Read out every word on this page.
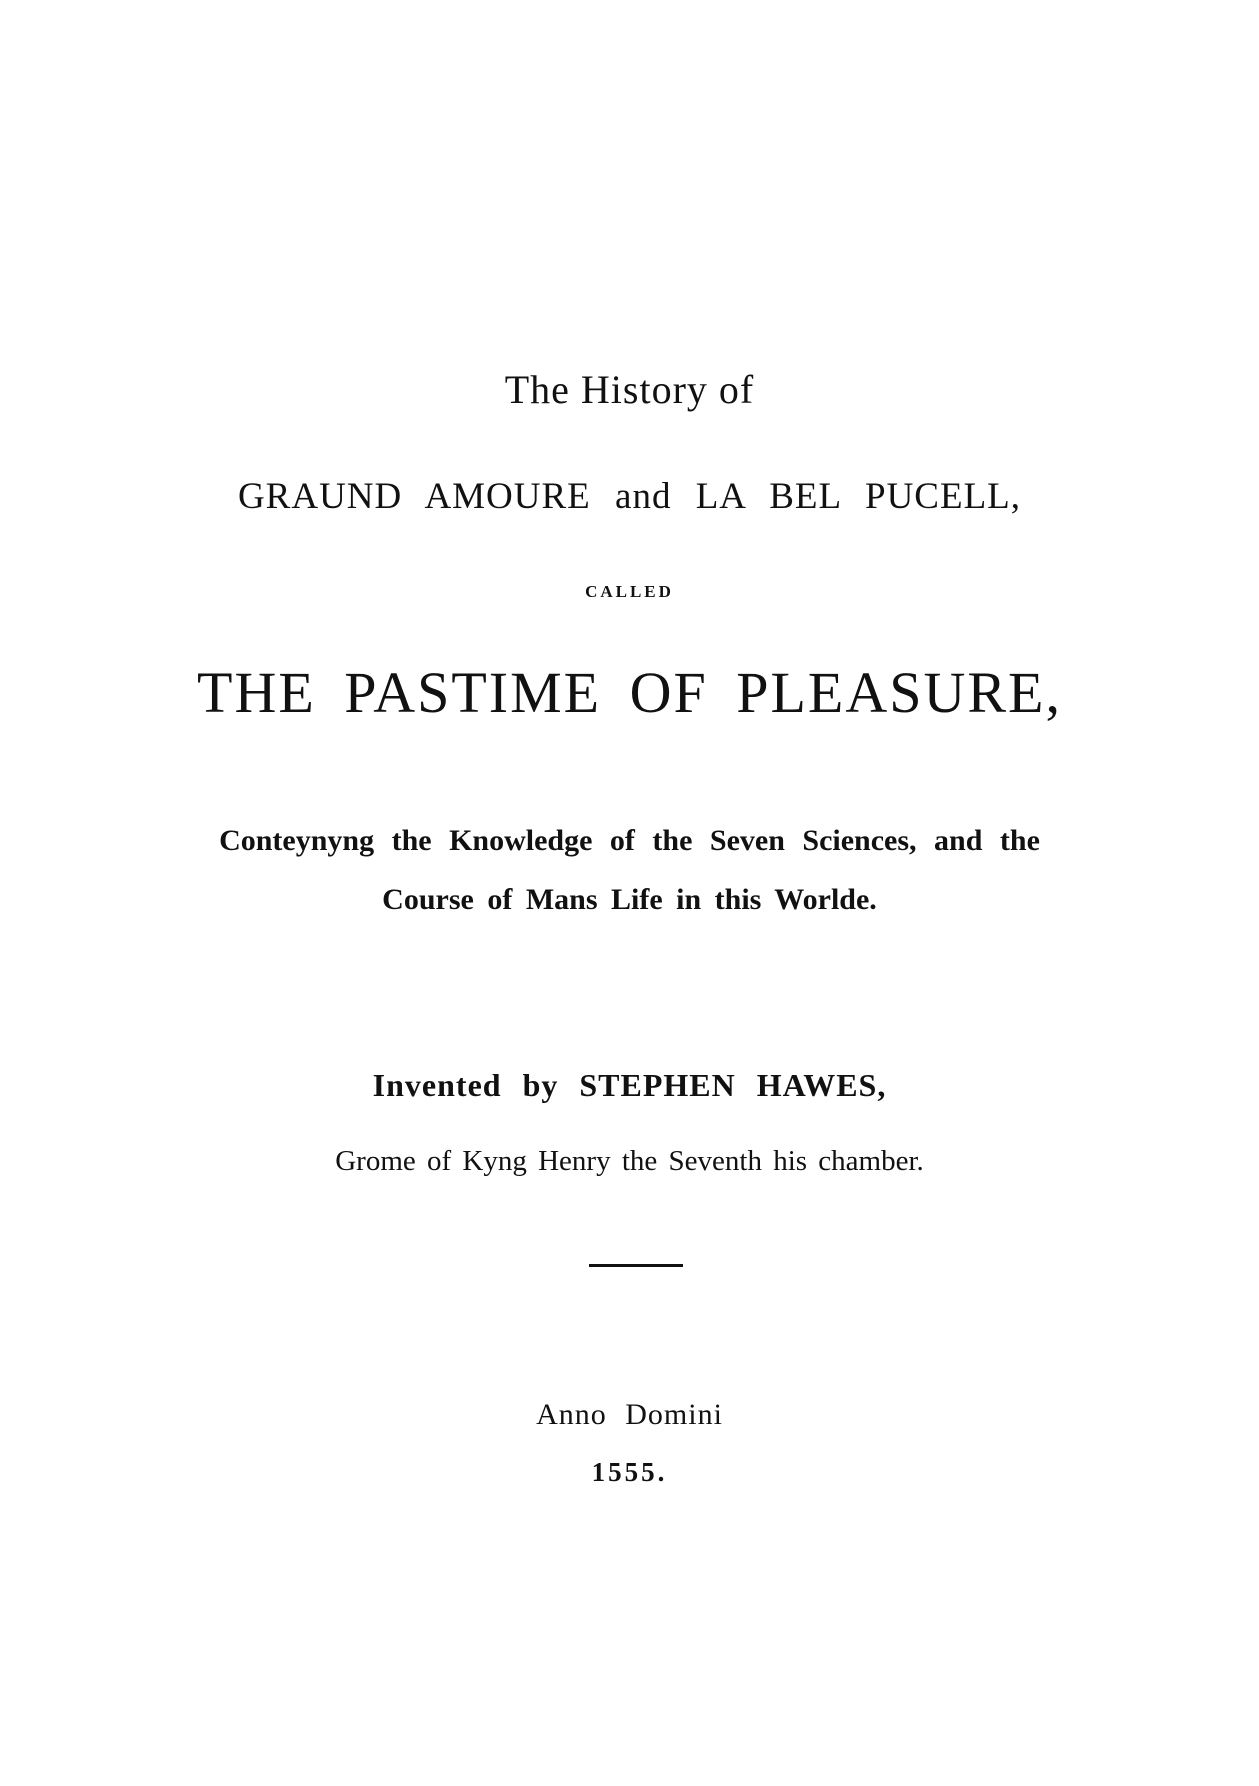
The History of
GRAUND AMOURE and LA BEL PUCELL,
CALLED
THE PASTIME OF PLEASURE,
Conteynyng the Knowledge of the Seven Sciences, and the
Course of Mans Life in this Worlde.
Invented by STEPHEN HAWES,
Grome of Kyng Henry the Seventh his chamber.
Anno Domini
1555.
